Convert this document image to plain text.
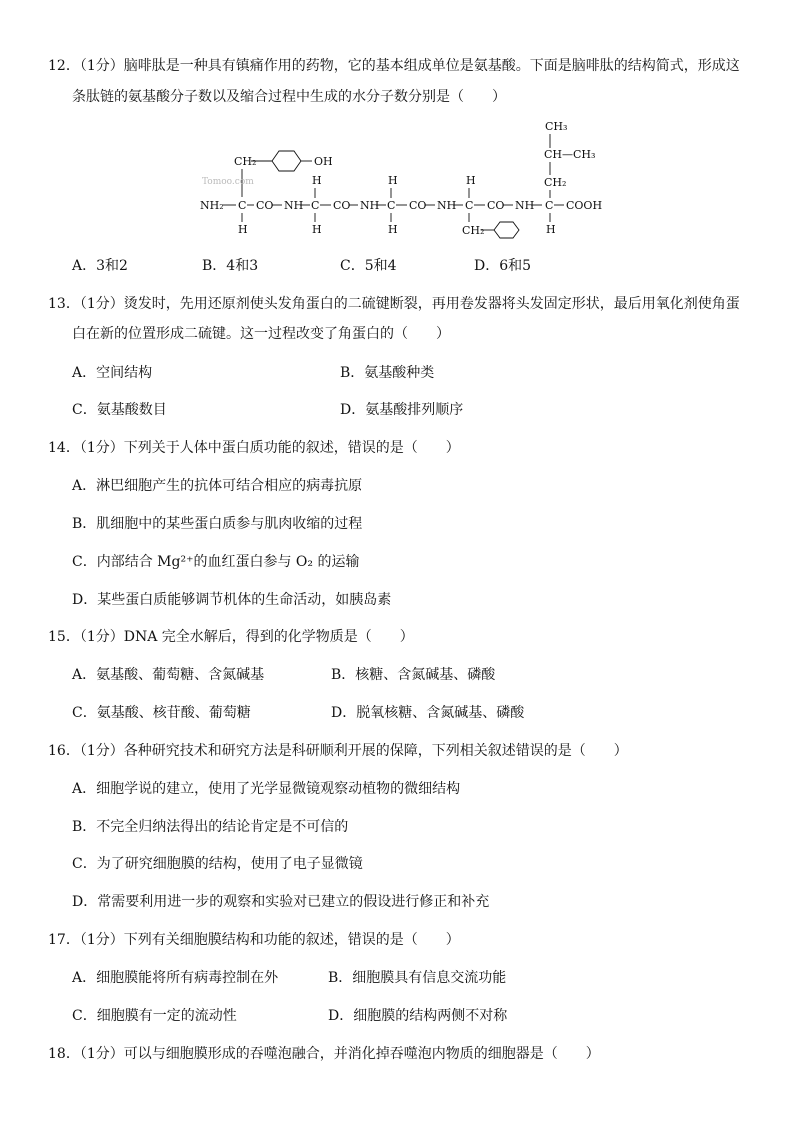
12．（1分）脑啡肽是一种具有镇痛作用的药物，它的基本组成单位是氨基酸。下面是脑啡肽的结构简式，形成这
条肽链的氨基酸分子数以及缩合过程中生成的水分子数分别是（　　）
CH₂	OH
Tomoo.com	H	H	H
CH₃
CH—CH₃
CH₂
NH₂ C CO NH C CO NH C CO NH C CO NH C COOH
H	H	H	H
CH₂
A．3和2	B．4和3	C．5和4	D．6和5
13．（1分）烫发时，先用还原剂使头发角蛋白的二硫键断裂，再用卷发器将头发固定形状，最后用氧化剂使角蛋
白在新的位置形成二硫键。这一过程改变了角蛋白的（　　）
A．空间结构	B．氨基酸种类
C．氨基酸数目	D．氨基酸排列顺序
14．（1分）下列关于人体中蛋白质功能的叙述，错误的是（　　）
A．淋巴细胞产生的抗体可结合相应的病毒抗原
B．肌细胞中的某些蛋白质参与肌肉收缩的过程
C．内部结合 Mg²⁺的血红蛋白参与 O₂ 的运输
D．某些蛋白质能够调节机体的生命活动，如胰岛素
15．（1分）DNA 完全水解后，得到的化学物质是（　　）
A．氨基酸、葡萄糖、含氮碱基	B．核糖、含氮碱基、磷酸
C．氨基酸、核苷酸、葡萄糖	D．脱氧核糖、含氮碱基、磷酸
16．（1分）各种研究技术和研究方法是科研顺利开展的保障，下列相关叙述错误的是（　　）
A．细胞学说的建立，使用了光学显微镜观察动植物的微细结构
B．不完全归纳法得出的结论肯定是不可信的
C．为了研究细胞膜的结构，使用了电子显微镜
D．常需要利用进一步的观察和实验对已建立的假设进行修正和补充
17．（1分）下列有关细胞膜结构和功能的叙述，错误的是（　　）
A．细胞膜能将所有病毒控制在外	B．细胞膜具有信息交流功能
C．细胞膜有一定的流动性	D．细胞膜的结构两侧不对称
18．（1分）可以与细胞膜形成的吞噬泡融合，并消化掉吞噬泡内物质的细胞器是（　　）
